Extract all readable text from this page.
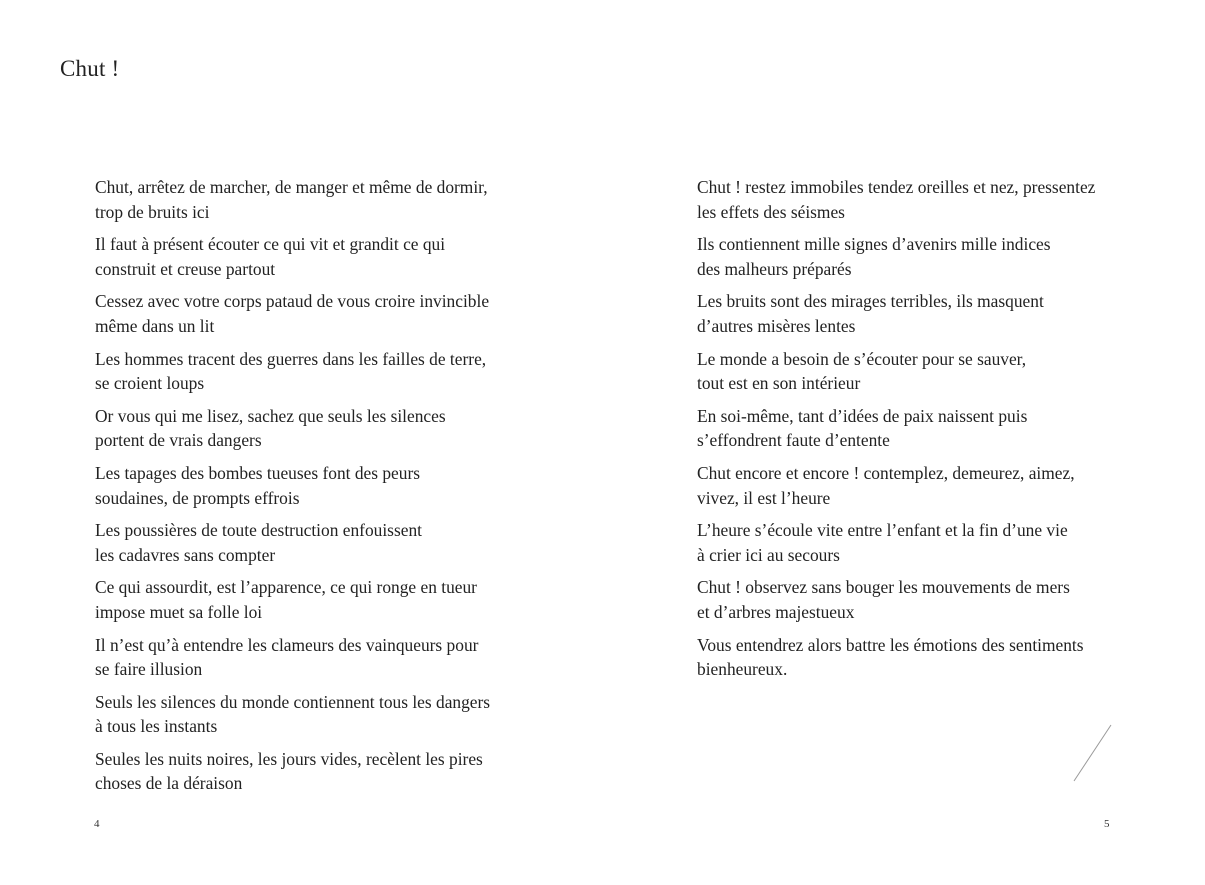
Chut !
Chut, arrêtez de marcher, de manger et même de dormir,
trop de bruits ici
Il faut à présent écouter ce qui vit et grandit ce qui
construit et creuse partout
Cessez avec votre corps pataud de vous croire invincible
même dans un lit
Les hommes tracent des guerres dans les failles de terre,
se croient loups
Or vous qui me lisez, sachez que seuls les silences
portent de vrais dangers
Les tapages des bombes tueuses font des peurs
soudaines, de prompts effrois
Les poussières de toute destruction enfouissent
les cadavres sans compter
Ce qui assourdit, est l’apparence, ce qui ronge en tueur
impose muet sa folle loi
Il n’est qu’à entendre les clameurs des vainqueurs pour
se faire illusion
Seuls les silences du monde contiennent tous les dangers
à tous les instants
Seules les nuits noires, les jours vides, recèlent les pires
choses de la déraison
Chut ! restez immobiles tendez oreilles et nez, pressentez
les effets des séismes
Ils contiennent mille signes d’avenirs mille indices
des malheurs préparés
Les bruits sont des mirages terribles, ils masquent
d’autres misères lentes
Le monde a besoin de s’écouter pour se sauver,
tout est en son intérieur
En soi-même, tant d’idées de paix naissent puis
s’effondrent faute d’entente
Chut encore et encore ! contemplez, demeurez, aimez,
vivez, il est l’heure
L’heure s’écoule vite entre l’enfant et la fin d’une vie
à crier ici au secours
Chut ! observez sans bouger les mouvements de mers
et d’arbres majestueux
Vous entendrez alors battre les émotions des sentiments
bienheureux.
4	5
